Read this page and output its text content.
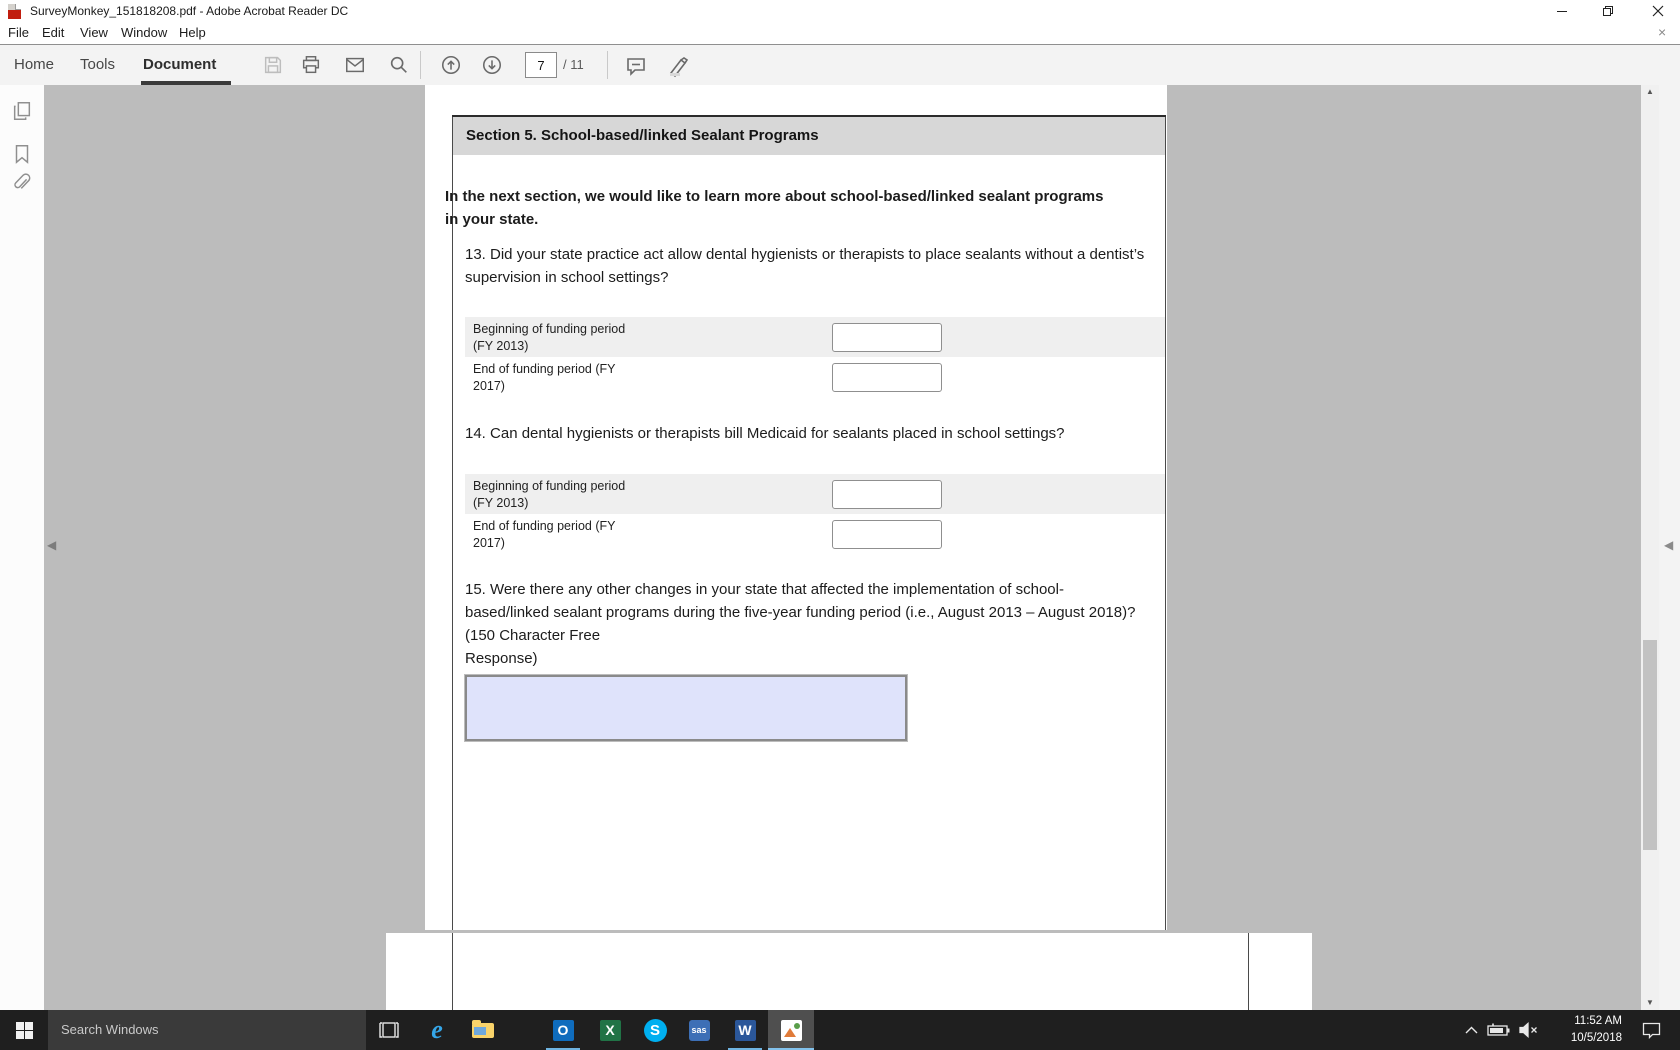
SurveyMonkey_151818208.pdf - Adobe Acrobat Reader DC
File Edit View Window Help	×
Home Tools Document
7	/ 11
◀
Section 5. School-based/linked Sealant Programs
In the next section, we would like to learn more about school-based/linked sealant programs in your state.
13. Did your state practice act allow dental hygienists or therapists to place sealants without a dentist’s supervision in school settings?
Beginning of funding period (FY 2013)
End of funding period (FY 2017)
14. Can dental hygienists or therapists bill Medicaid for sealants placed in school settings?
Beginning of funding period (FY 2013)
End of funding period (FY 2017)
15. Were there any other changes in your state that affected the implementation of school-based/linked sealant programs during the five-year funding period (i.e., August 2013 – August 2018)? (150 Character Free
Response)
▲
▼
◀
Search Windows	e	O	X	S	sas W
11:52 AM
10/5/2018
